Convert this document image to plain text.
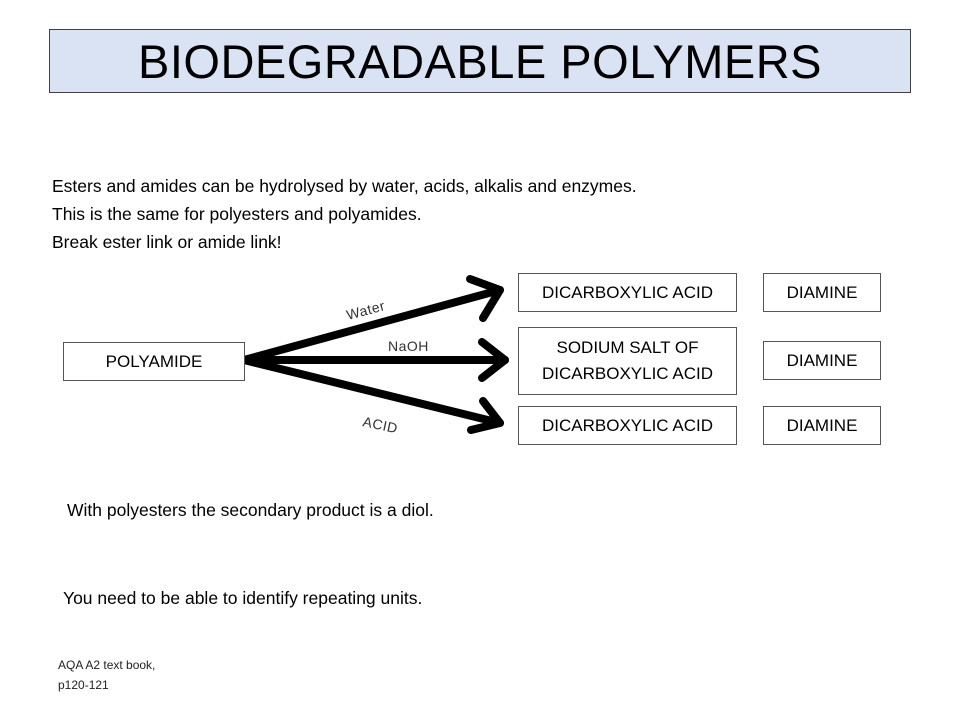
BIODEGRADABLE POLYMERS
Esters and amides can be hydrolysed by water, acids, alkalis and enzymes.
This is the same for polyesters and polyamides.
Break ester link or amide link!
Water
NaOH
ACID
POLYAMIDE
DICARBOXYLIC ACID	DIAMINE
SODIUM SALT OF
DICARBOXYLIC ACID
DIAMINE
DICARBOXYLIC ACID	DIAMINE
With polyesters the secondary product is a diol.
You need to be able to identify repeating units.
AQA A2 text book,
p120-121
